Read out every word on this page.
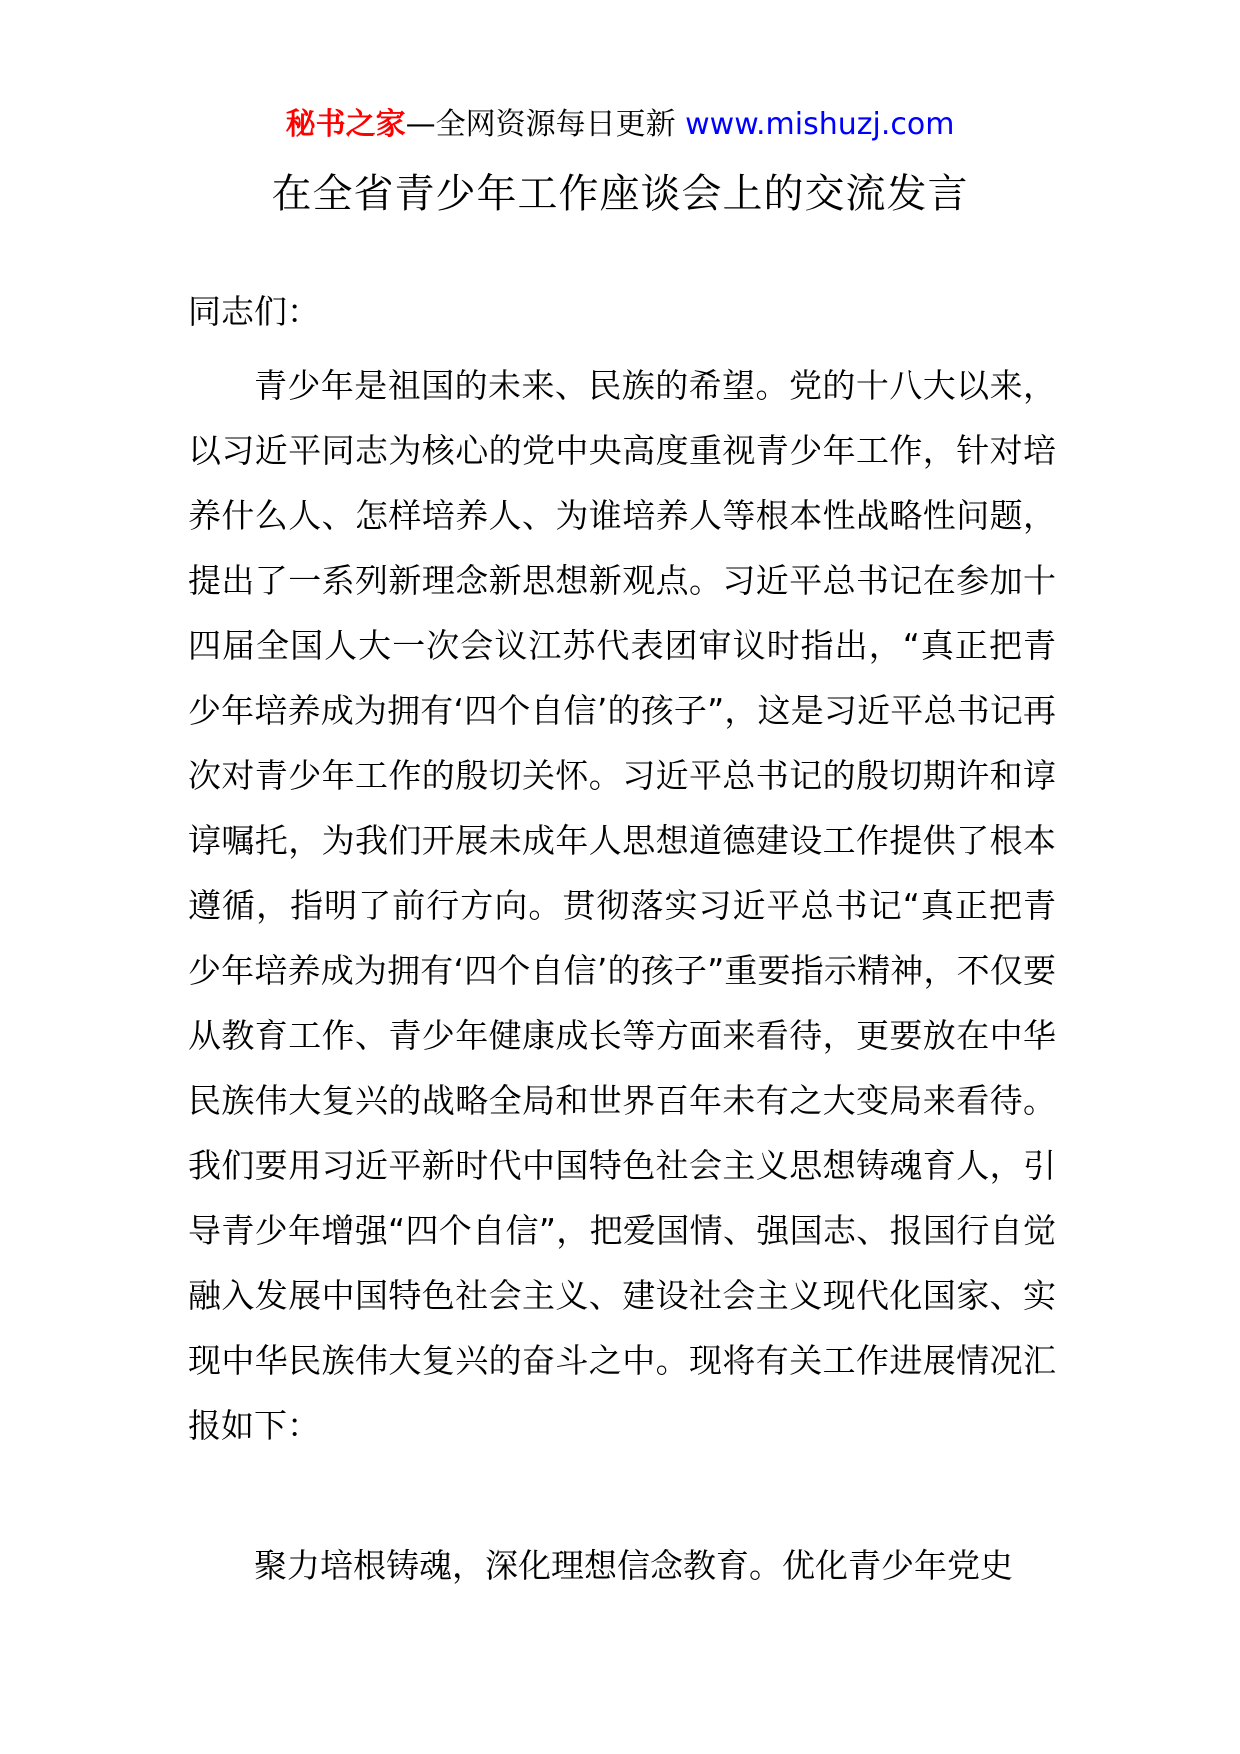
秘书之家—全网资源每日更新 www.mishuzj.com
在全省青少年工作座谈会上的交流发言
同志们：

青少年是祖国的未来、民族的希望。党的十八大以来，以习近平同志为核心的党中央高度重视青少年工作，针对培养什么人、怎样培养人、为谁培养人等根本性战略性问题，提出了一系列新理念新思想新观点。习近平总书记在参加十四届全国人大一次会议江苏代表团审议时指出，“真正把青少年培养成为拥有‘四个自信’的孩子”，这是习近平总书记再次对青少年工作的殷切关怀。习近平总书记的殷切期许和谆谆嘱托，为我们开展未成年人思想道德建设工作提供了根本遵循，指明了前行方向。贯彻落实习近平总书记“真正把青少年培养成为拥有‘四个自信’的孩子”重要指示精神，不仅要从教育工作、青少年健康成长等方面来看待，更要放在中华民族伟大复兴的战略全局和世界百年未有之大变局来看待。我们要用习近平新时代中国特色社会主义思想铸魂育人，引导青少年增强“四个自信”，把爱国情、强国志、报国行自觉融入发展中国特色社会主义、建设社会主义现代化国家、实现中华民族伟大复兴的奋斗之中。现将有关工作进展情况汇报如下：

聚力培根铸魂，深化理想信念教育。优化青少年党史
